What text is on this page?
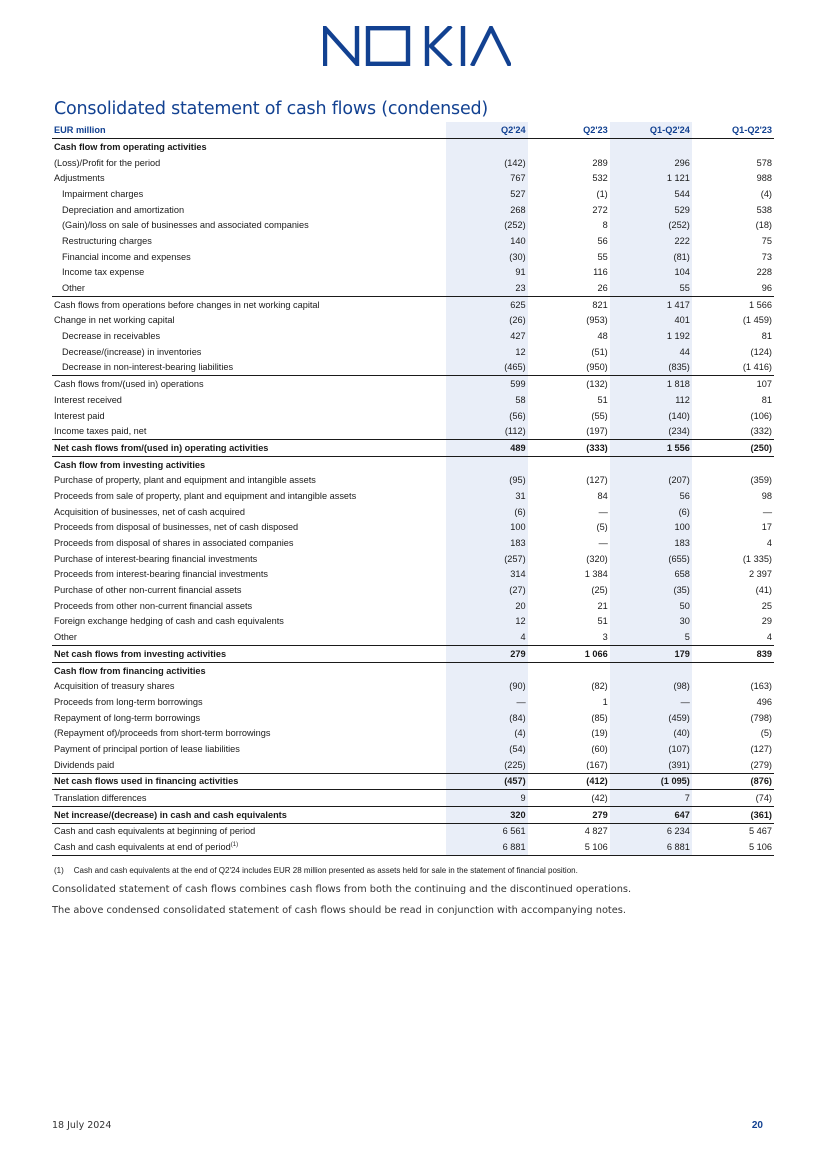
Consolidated statement of cash flows (condensed)
EUR million	Q2'24	Q2'23	Q1-Q2'24	Q1-Q2'23
Cash flow from operating activities				
(Loss)/Profit for the period	(142)	289	296	578
Adjustments	767	532	1 121	988
Impairment charges	527	(1)	544	(4)
Depreciation and amortization	268	272	529	538
(Gain)/loss on sale of businesses and associated companies	(252)	8	(252)	(18)
Restructuring charges	140	56	222	75
Financial income and expenses	(30)	55	(81)	73
Income tax expense	91	116	104	228
Other	23	26	55	96
Cash flows from operations before changes in net working capital	625	821	1 417	1 566
Change in net working capital	(26)	(953)	401	(1 459)
Decrease in receivables	427	48	1 192	81
Decrease/(increase) in inventories	12	(51)	44	(124)
Decrease in non-interest-bearing liabilities	(465)	(950)	(835)	(1 416)
Cash flows from/(used in) operations	599	(132)	1 818	107
Interest received	58	51	112	81
Interest paid	(56)	(55)	(140)	(106)
Income taxes paid, net	(112)	(197)	(234)	(332)
Net cash flows from/(used in) operating activities	489	(333)	1 556	(250)
Cash flow from investing activities				
Purchase of property, plant and equipment and intangible assets	(95)	(127)	(207)	(359)
Proceeds from sale of property, plant and equipment and intangible assets	31	84	56	98
Acquisition of businesses, net of cash acquired	(6)	—	(6)	—
Proceeds from disposal of businesses, net of cash disposed	100	(5)	100	17
Proceeds from disposal of shares in associated companies	183	—	183	4
Purchase of interest-bearing financial investments	(257)	(320)	(655)	(1 335)
Proceeds from interest-bearing financial investments	314	1 384	658	2 397
Purchase of other non-current financial assets	(27)	(25)	(35)	(41)
Proceeds from other non-current financial assets	20	21	50	25
Foreign exchange hedging of cash and cash equivalents	12	51	30	29
Other	4	3	5	4
Net cash flows from investing activities	279	1 066	179	839
Cash flow from financing activities				
Acquisition of treasury shares	(90)	(82)	(98)	(163)
Proceeds from long-term borrowings	—	1	—	496
Repayment of long-term borrowings	(84)	(85)	(459)	(798)
(Repayment of)/proceeds from short-term borrowings	(4)	(19)	(40)	(5)
Payment of principal portion of lease liabilities	(54)	(60)	(107)	(127)
Dividends paid	(225)	(167)	(391)	(279)
Net cash flows used in financing activities	(457)	(412)	(1 095)	(876)
Translation differences	9	(42)	7	(74)
Net increase/(decrease) in cash and cash equivalents	320	279	647	(361)
Cash and cash equivalents at beginning of period	6 561	4 827	6 234	5 467
Cash and cash equivalents at end of period$^{(1)}$	6 881	5 106	6 881	5 106
(1) Cash and cash equivalents at the end of Q2'24 includes EUR 28 million presented as assets held for sale in the statement of financial position.
Consolidated statement of cash flows combines cash flows from both the continuing and the discontinued operations.
The above condensed consolidated statement of cash flows should be read in conjunction with accompanying notes.
18 July 2024	20
